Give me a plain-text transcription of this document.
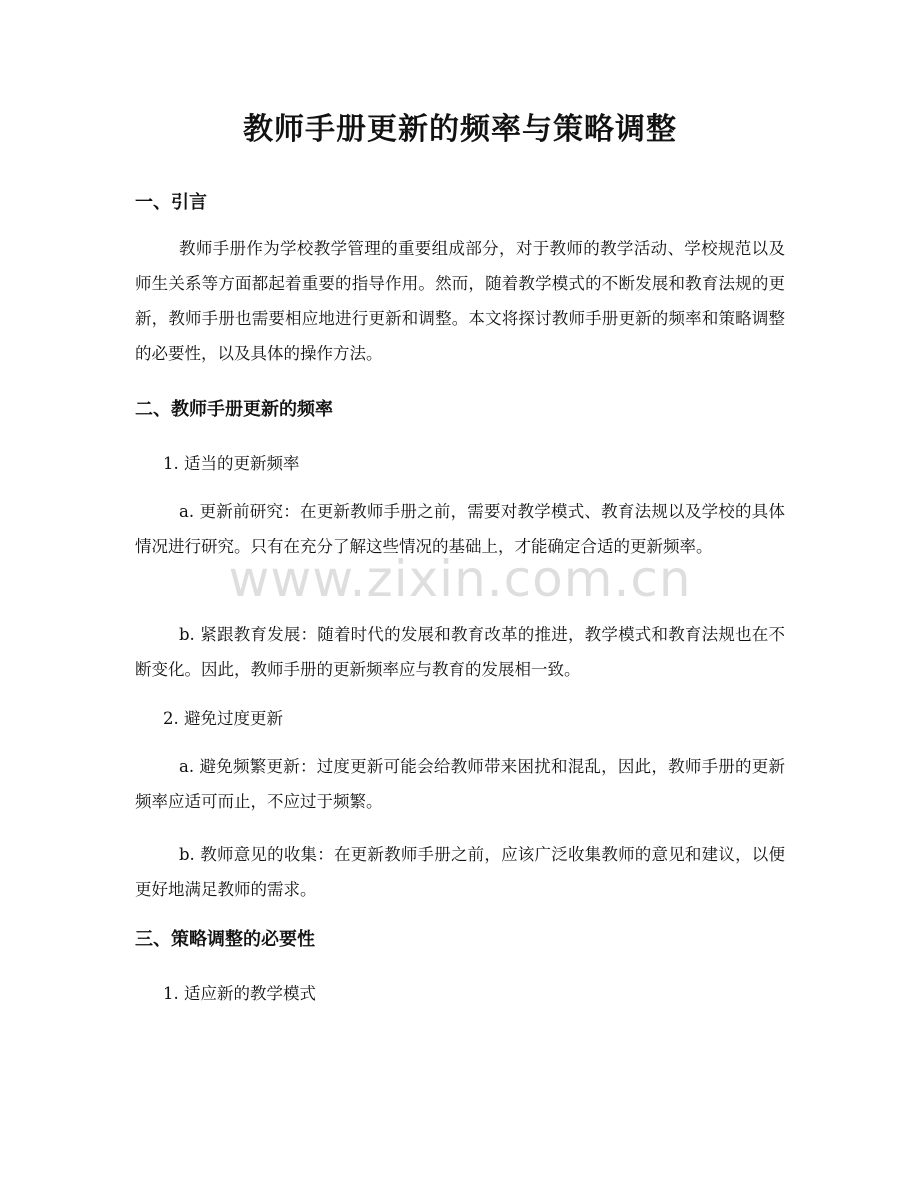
教师手册更新的频率与策略调整
一、引言

教师手册作为学校教学管理的重要组成部分，对于教师的教学活动、学校规范以及师生关系等方面都起着重要的指导作用。然而，随着教学模式的不断发展和教育法规的更新，教师手册也需要相应地进行更新和调整。本文将探讨教师手册更新的频率和策略调整的必要性，以及具体的操作方法。

二、教师手册更新的频率
1. 适当的更新频率

a. 更新前研究：在更新教师手册之前，需要对教学模式、教育法规以及学校的具体情况进行研究。只有在充分了解这些情况的基础上，才能确定合适的更新频率。

b. 紧跟教育发展：随着时代的发展和教育改革的推进，教学模式和教育法规也在不断变化。因此，教师手册的更新频率应与教育的发展相一致。

2. 避免过度更新

a. 避免频繁更新：过度更新可能会给教师带来困扰和混乱，因此，教师手册的更新频率应适可而止，不应过于频繁。

b. 教师意见的收集：在更新教师手册之前，应该广泛收集教师的意见和建议，以便更好地满足教师的需求。

三、策略调整的必要性
1. 适应新的教学模式
www.zixin.com.cn
